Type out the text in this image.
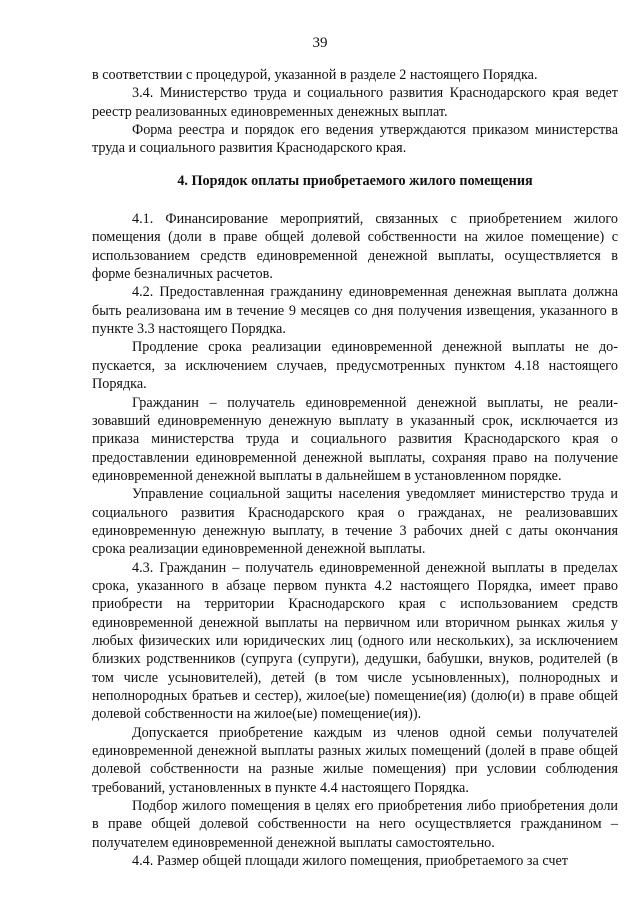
39

в соответствии с процедурой, указанной в разделе 2 настоящего Порядка.

3.4. Министерство труда и социального развития Краснодарского края ведет реестр реализованных единовременных денежных выплат.

Форма реестра и порядок его ведения утверждаются приказом министерства труда и социального развития Краснодарского края.

4. Порядок оплаты приобретаемого жилого помещения

4.1. Финансирование мероприятий, связанных с приобретением жилого помещения (доли в праве общей долевой собственности на жилое помещение) с использованием средств единовременной денежной выплаты, осуществляется в форме безналичных расчетов.

4.2. Предоставленная гражданину единовременная денежная выплата должна быть реализована им в течение 9 месяцев со дня получения извещения, указанного в пункте 3.3 настоящего Порядка.

Продление срока реализации единовременной денежной выплаты не допускается, за исключением случаев, предусмотренных пунктом 4.18 настоящего Порядка.

Гражданин – получатель единовременной денежной выплаты, не реализовавший единовременную денежную выплату в указанный срок, исключается из приказа министерства труда и социального развития Краснодарского края о предоставлении единовременной денежной выплаты, сохраняя право на получение единовременной денежной выплаты в дальнейшем в установленном порядке.

Управление социальной защиты населения уведомляет министерство труда и социального развития Краснодарского края о гражданах, не реализовавших единовременную денежную выплату, в течение 3 рабочих дней с даты окончания срока реализации единовременной денежной выплаты.

4.3. Гражданин – получатель единовременной денежной выплаты в пределах срока, указанного в абзаце первом пункта 4.2 настоящего Порядка, имеет право приобрести на территории Краснодарского края с использованием средств единовременной денежной выплаты на первичном или вторичном рынках жилья у любых физических или юридических лиц (одного или нескольких), за исключением близких родственников (супруга (супруги), дедушки, бабушки, внуков, родителей (в том числе усыновителей), детей (в том числе усыновленных), полнородных и неполнородных братьев и сестер), жилое(ые) помещение(ия) (долю(и) в праве общей долевой собственности на жилое(ые) помещение(ия)).

Допускается приобретение каждым из членов одной семьи получателей единовременной денежной выплаты разных жилых помещений (долей в праве общей долевой собственности на разные жилые помещения) при условии соблюдения требований, установленных в пункте 4.4 настоящего Порядка.

Подбор жилого помещения в целях его приобретения либо приобретения доли в праве общей долевой собственности на него осуществляется гражданином – получателем единовременной денежной выплаты самостоятельно.

4.4. Размер общей площади жилого помещения, приобретаемого за счет
